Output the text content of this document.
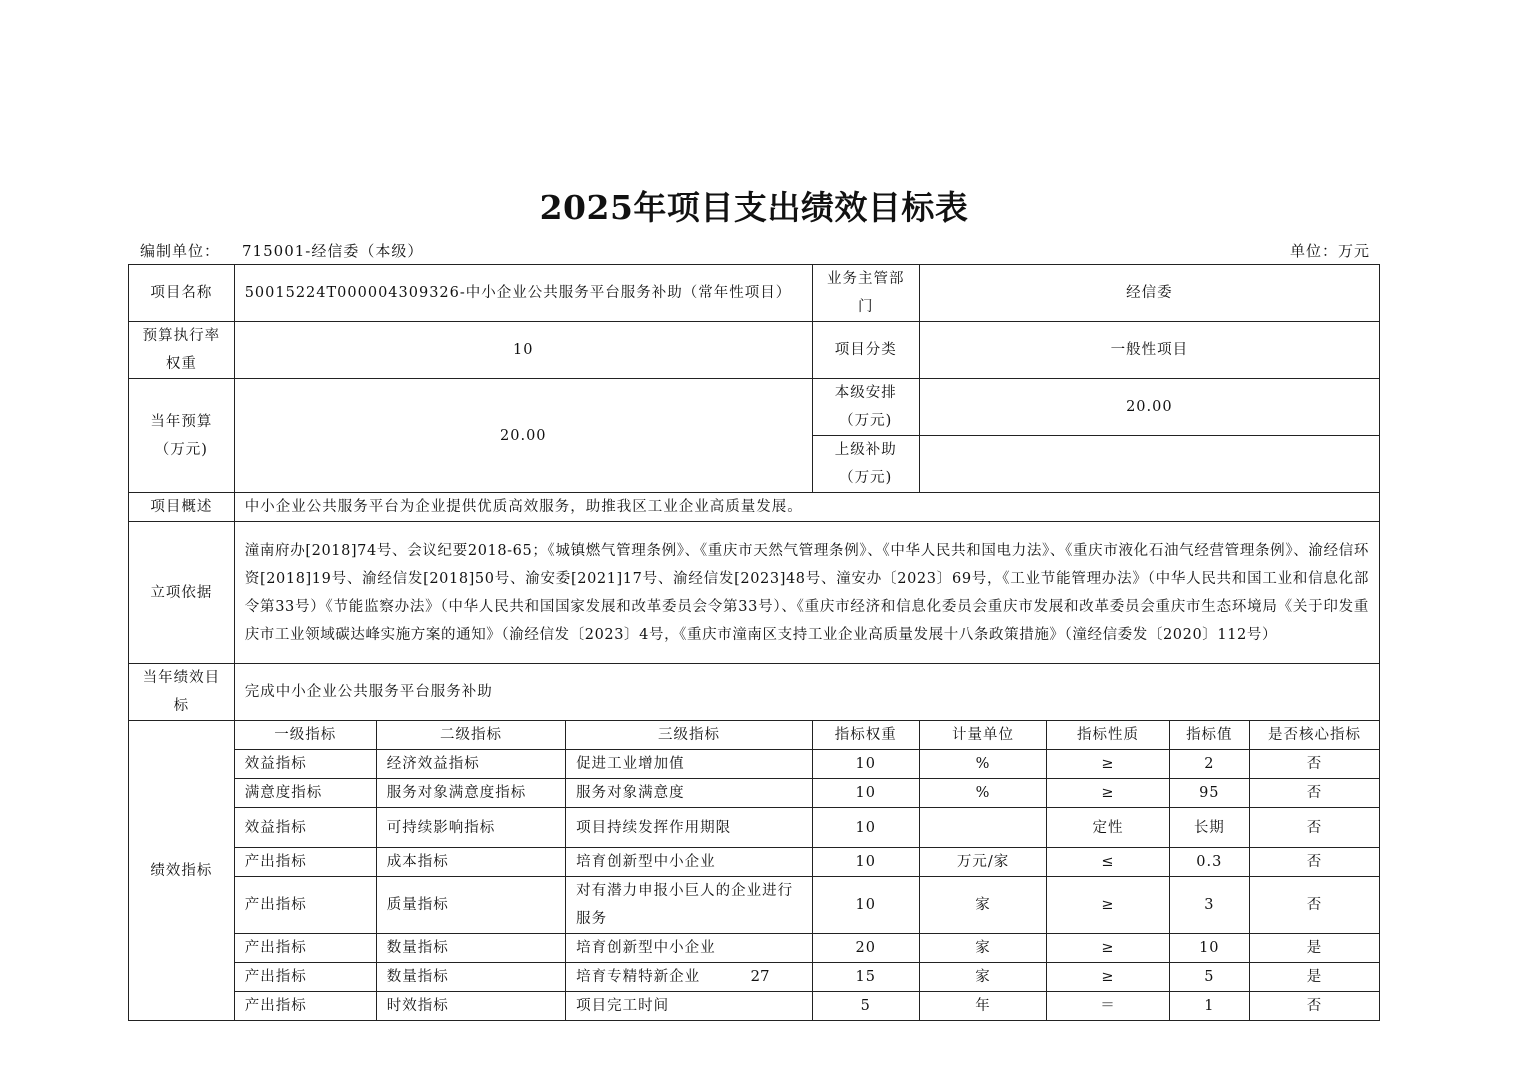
2025年项目支出绩效目标表
编制单位： 715001-经信委（本级）	单位：万元
项目名称	50015224T000004309326-中小企业公共服务平台服务补助（常年性项目）			业务主管部门	经信委			
预算执行率权重	10			项目分类	一般性项目			
当年预算（万元)	20.00			本级安排（万元)	20.00			
				上级补助（万元)				
项目概述	中小企业公共服务平台为企业提供优质高效服务，助推我区工业企业高质量发展。							
立项依据	潼南府办[2018]74号、会议纪要2018-65；《城镇燃气管理条例》、《重庆市天然气管理条例》、《中华人民共和国电力法》、《重庆市液化石油气经营管理条例》、渝经信环资[2018]19号、渝经信发[2018]50号、渝安委[2021]17号、渝经信发[2023]48号、潼安办〔2023〕69号，《工业节能管理办法》（中华人民共和国工业和信息化部令第33号）《节能监察办法》（中华人民共和国国家发展和改革委员会令第33号）、《重庆市经济和信息化委员会重庆市发展和改革委员会重庆市生态环境局《关于印发重庆市工业领域碳达峰实施方案的通知》（渝经信发〔2023〕4号，《重庆市潼南区支持工业企业高质量发展十八条政策措施》（潼经信委发〔2020〕112号）							
当年绩效目标	完成中小企业公共服务平台服务补助							
绩效指标	一级指标	二级指标	三级指标	指标权重	计量单位	指标性质	指标值	是否核心指标
	效益指标	经济效益指标	促进工业增加值	10	%	≥	2	否
	满意度指标	服务对象满意度指标	服务对象满意度	10	%	≥	95	否
	效益指标	可持续影响指标	项目持续发挥作用期限	10		定性	长期	否
	产出指标	成本指标	培育创新型中小企业	10	万元/家	≤	0.3	否
	产出指标	质量指标	对有潜力申报小巨人的企业进行服务	10	家	≥	3	否
	产出指标	数量指标	培育创新型中小企业	20	家	≥	10	是
	产出指标	数量指标	培育专精特新企业	15	家	≥	5	是
	产出指标	时效指标	项目完工时间	5	年	＝	1	否
27
